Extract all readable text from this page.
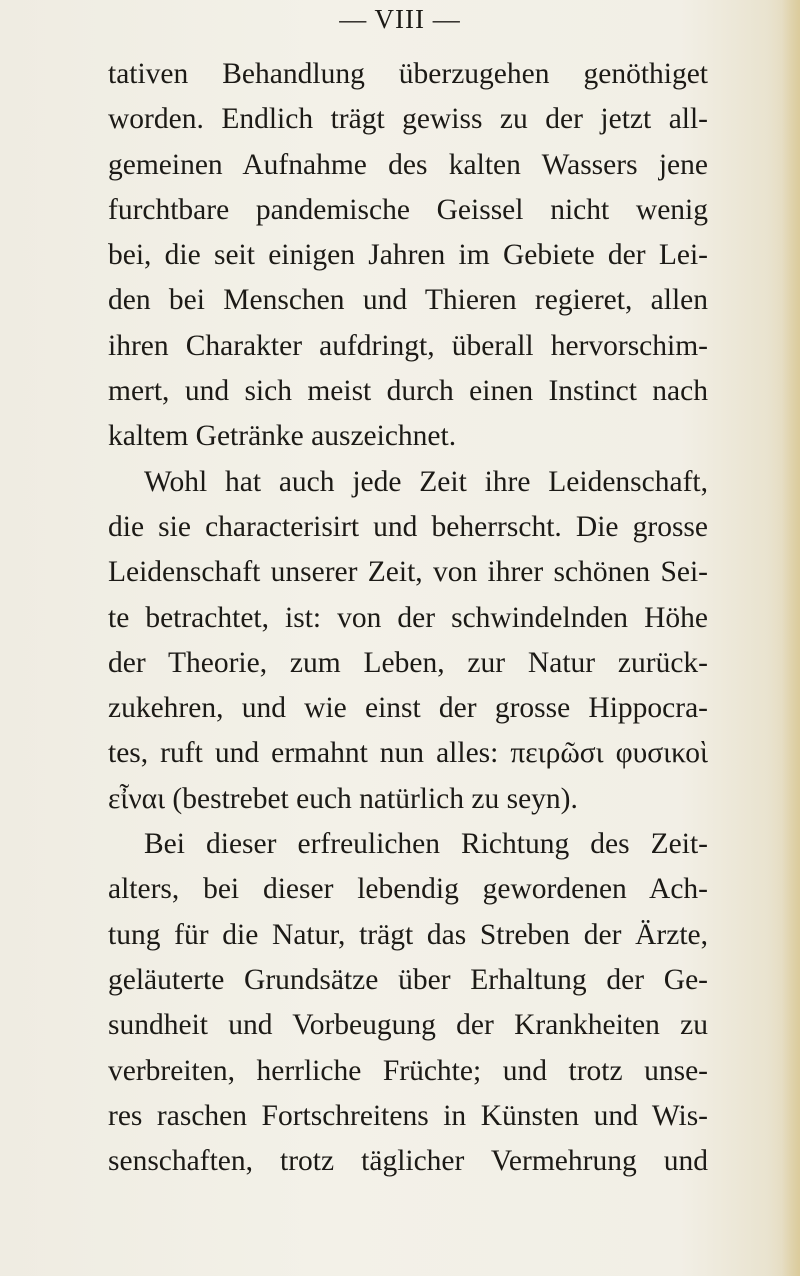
— VIII —
tativen Behandlung überzugehen genöthiget
worden. Endlich trägt gewiss zu der jetzt all-
gemeinen Aufnahme des kalten Wassers jene
furchtbare pandemische Geissel nicht wenig
bei, die seit einigen Jahren im Gebiete der Lei-
den bei Menschen und Thieren regieret, allen
ihren Charakter aufdringt, überall hervorschim-
mert, und sich meist durch einen Instinct nach
kaltem Getränke auszeichnet.
Wohl hat auch jede Zeit ihre Leidenschaft,
die sie characterisirt und beherrscht. Die grosse
Leidenschaft unserer Zeit, von ihrer schönen Sei-
te betrachtet, ist: von der schwindelnden Höhe
der Theorie, zum Leben, zur Natur zurück-
zukehren, und wie einst der grosse Hippocra-
tes, ruft und ermahnt nun alles: πειρῶσι φυσικοὶ
εἶναι (bestrebet euch natürlich zu seyn).
Bei dieser erfreulichen Richtung des Zeit-
alters, bei dieser lebendig gewordenen Ach-
tung für die Natur, trägt das Streben der Ärzte,
geläuterte Grundsätze über Erhaltung der Ge-
sundheit und Vorbeugung der Krankheiten zu
verbreiten, herrliche Früchte; und trotz unse-
res raschen Fortschreitens in Künsten und Wis-
senschaften, trotz täglicher Vermehrung und
